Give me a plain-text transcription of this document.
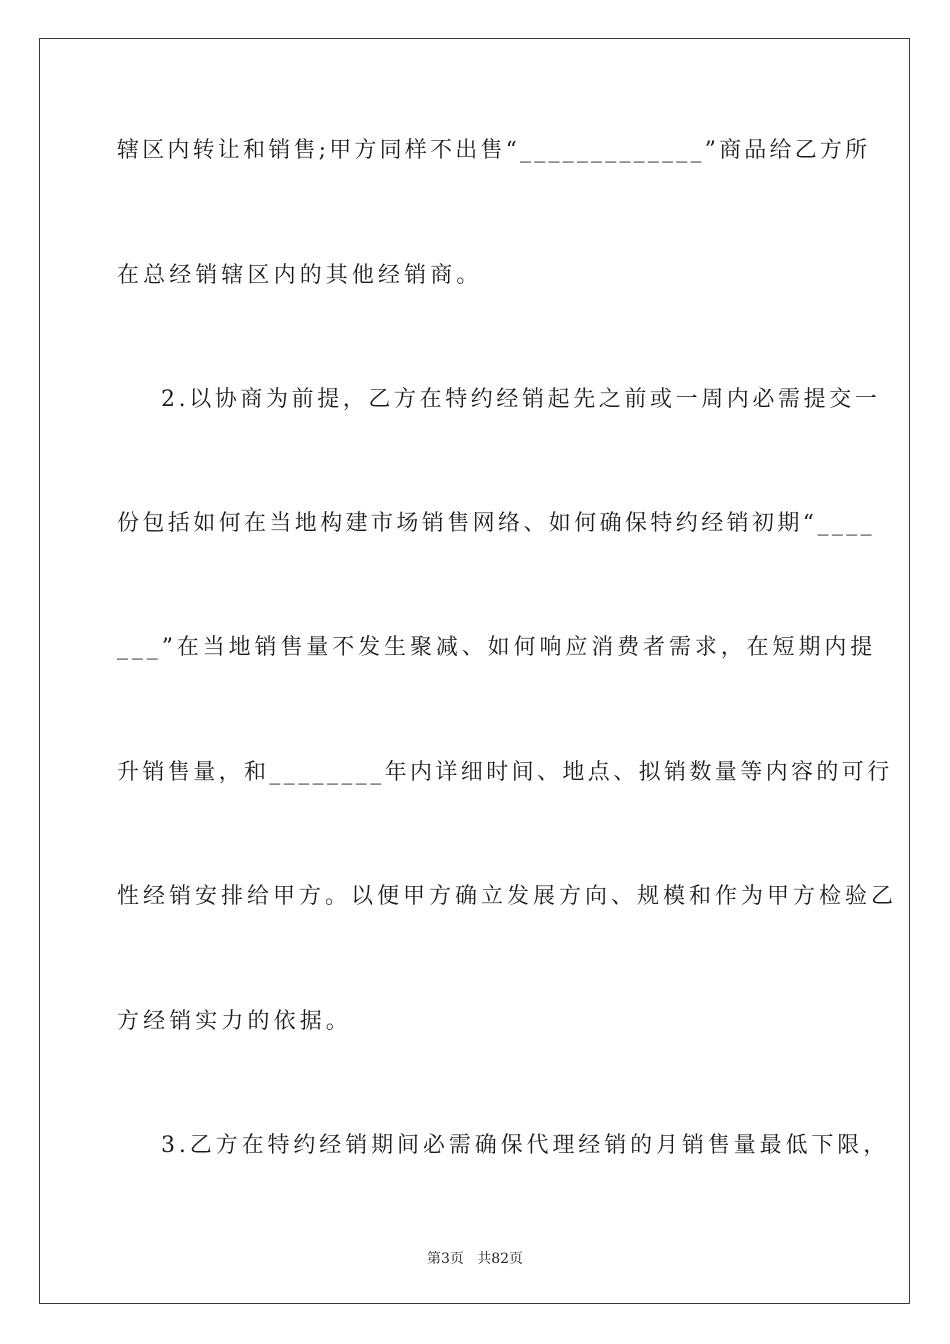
辖区内转让和销售;甲方同样不出售“_____________”商品给乙方所
在总经销辖区内的其他经销商。
2.以协商为前提，乙方在特约经销起先之前或一周内必需提交一
份包括如何在当地构建市场销售网络、如何确保特约经销初期“____
___”在当地销售量不发生聚减、如何响应消费者需求，在短期内提
升销售量，和________年内详细时间、地点、拟销数量等内容的可行
性经销安排给甲方。以便甲方确立发展方向、规模和作为甲方检验乙
方经销实力的依据。
3.乙方在特约经销期间必需确保代理经销的月销售量最低下限，
第3页   共82页
